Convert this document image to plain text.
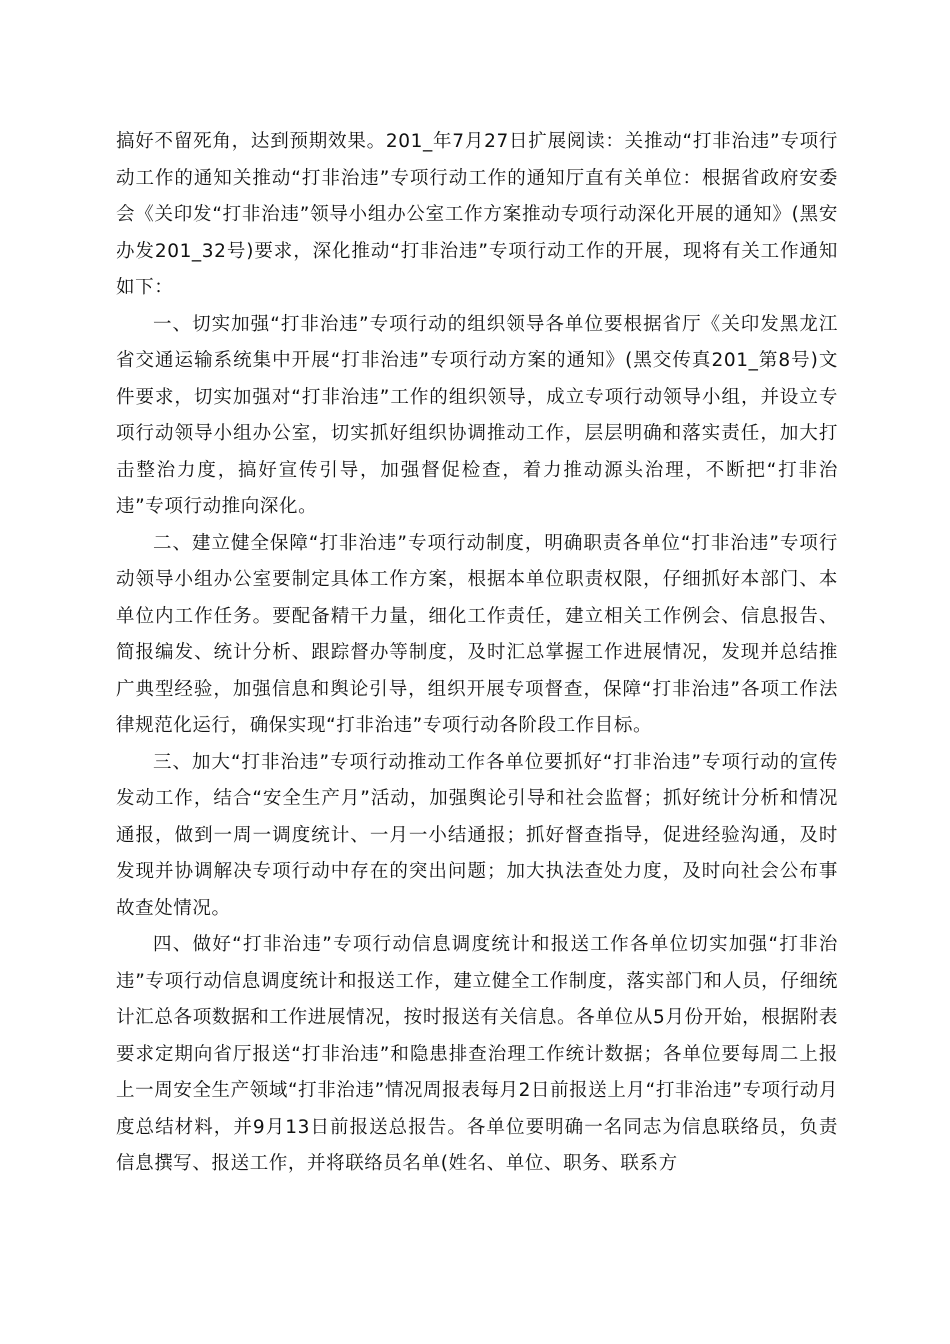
搞好不留死角，达到预期效果。201_年7月27日扩展阅读：关推动“打非治违”专项行动工作的通知关推动“打非治违”专项行动工作的通知厅直有关单位：根据省政府安委会《关印发“打非治违”领导小组办公室工作方案推动专项行动深化开展的通知》(黑安办发201_32号)要求，深化推动“打非治违”专项行动工作的开展，现将有关工作通知如下：

一、切实加强“打非治违”专项行动的组织领导各单位要根据省厅《关印发黑龙江省交通运输系统集中开展“打非治违”专项行动方案的通知》(黑交传真201_第8号)文件要求，切实加强对“打非治违”工作的组织领导，成立专项行动领导小组，并设立专项行动领导小组办公室，切实抓好组织协调推动工作，层层明确和落实责任，加大打击整治力度，搞好宣传引导，加强督促检查，着力推动源头治理，不断把“打非治违”专项行动推向深化。

二、建立健全保障“打非治违”专项行动制度，明确职责各单位“打非治违”专项行动领导小组办公室要制定具体工作方案，根据本单位职责权限，仔细抓好本部门、本单位内工作任务。要配备精干力量，细化工作责任，建立相关工作例会、信息报告、简报编发、统计分析、跟踪督办等制度，及时汇总掌握工作进展情况，发现并总结推广典型经验，加强信息和舆论引导，组织开展专项督查，保障“打非治违”各项工作法律规范化运行，确保实现“打非治违”专项行动各阶段工作目标。

三、加大“打非治违”专项行动推动工作各单位要抓好“打非治违”专项行动的宣传发动工作，结合“安全生产月”活动，加强舆论引导和社会监督；抓好统计分析和情况通报，做到一周一调度统计、一月一小结通报；抓好督查指导，促进经验沟通，及时发现并协调解决专项行动中存在的突出问题；加大执法查处力度，及时向社会公布事故查处情况。

四、做好“打非治违”专项行动信息调度统计和报送工作各单位切实加强“打非治违”专项行动信息调度统计和报送工作，建立健全工作制度，落实部门和人员，仔细统计汇总各项数据和工作进展情况，按时报送有关信息。各单位从5月份开始，根据附表要求定期向省厅报送“打非治违”和隐患排查治理工作统计数据；各单位要每周二上报上一周安全生产领域“打非治违”情况周报表每月2日前报送上月“打非治违”专项行动月度总结材料，并9月13日前报送总报告。各单位要明确一名同志为信息联络员，负责信息撰写、报送工作，并将联络员名单(姓名、单位、职务、联系方
